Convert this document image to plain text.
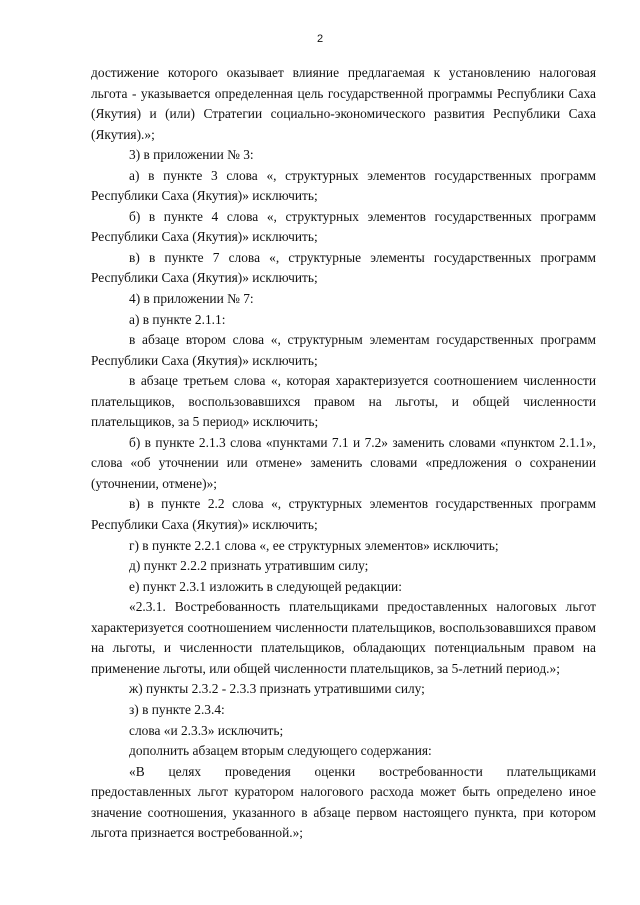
2

достижение которого оказывает влияние предлагаемая к установлению налоговая льгота - указывается определенная цель государственной программы Республики Саха (Якутия) и (или) Стратегии социально-экономического развития Республики Саха (Якутия).»;

3) в приложении № 3:

а) в пункте 3 слова «, структурных элементов государственных программ Республики Саха (Якутия)» исключить;

б) в пункте 4 слова «, структурных элементов государственных программ Республики Саха (Якутия)» исключить;

в) в пункте 7 слова «, структурные элементы государственных программ Республики Саха (Якутия)» исключить;

4) в приложении № 7:

а) в пункте 2.1.1:

в абзаце втором слова «, структурным элементам государственных программ Республики Саха (Якутия)» исключить;

в абзаце третьем слова «, которая характеризуется соотношением численности плательщиков, воспользовавшихся правом на льготы, и общей численности плательщиков, за 5 период» исключить;

б) в пункте 2.1.3 слова «пунктами 7.1 и 7.2» заменить словами «пунктом 2.1.1», слова «об уточнении или отмене» заменить словами «предложения о сохранении (уточнении, отмене)»;

в) в пункте 2.2 слова «, структурных элементов государственных программ Республики Саха (Якутия)» исключить;

г) в пункте 2.2.1 слова «, ее структурных элементов» исключить;

д) пункт 2.2.2 признать утратившим силу;

е) пункт 2.3.1 изложить в следующей редакции:

«2.3.1. Востребованность плательщиками предоставленных налоговых льгот характеризуется соотношением численности плательщиков, воспользовавшихся правом на льготы, и численности плательщиков, обладающих потенциальным правом на применение льготы, или общей численности плательщиков, за 5-летний период.»;

ж) пункты 2.3.2 - 2.3.3 признать утратившими силу;

з) в пункте 2.3.4:

слова «и 2.3.3» исключить;

дополнить абзацем вторым следующего содержания:

«В целях проведения оценки востребованности плательщиками предоставленных льгот куратором налогового расхода может быть определено иное значение соотношения, указанного в абзаце первом настоящего пункта, при котором льгота признается востребованной.»;
